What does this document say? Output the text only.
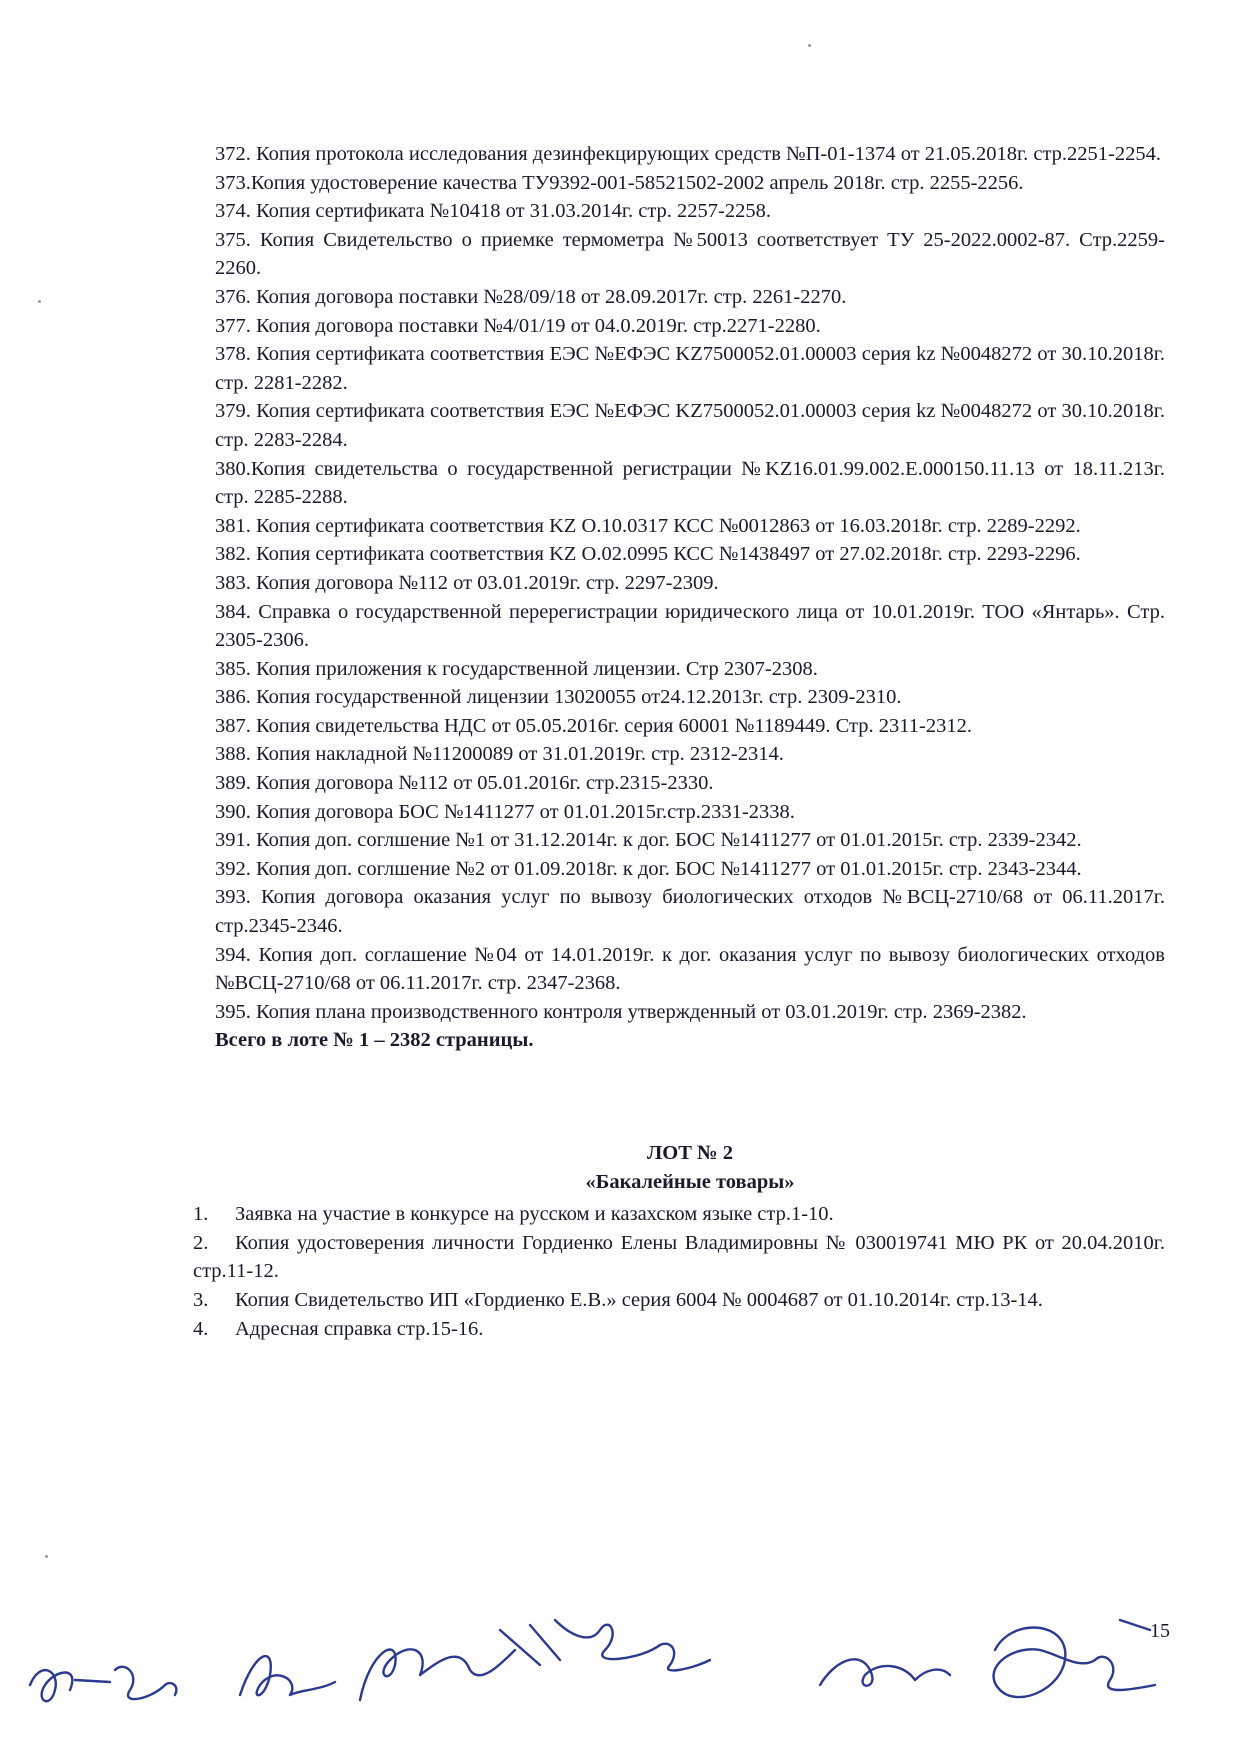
372. Копия протокола исследования дезинфекцирующих средств №П-01-1374 от 21.05.2018г. стр.2251-2254.

373.Копия удостоверение качества ТУ9392-001-58521502-2002 апрель 2018г. стр. 2255-2256.

374. Копия сертификата №10418 от 31.03.2014г. стр. 2257-2258.

375. Копия Свидетельство о приемке термометра №50013 соответствует ТУ 25-2022.0002-87. Стр.2259-2260.

376. Копия договора поставки №28/09/18 от 28.09.2017г. стр. 2261-2270.

377. Копия договора поставки №4/01/19 от 04.0.2019г. стр.2271-2280.

378. Копия сертификата соответствия ЕЭС №ЕФЭС KZ7500052.01.00003 серия kz №0048272 от 30.10.2018г. стр. 2281-2282.

379. Копия сертификата соответствия ЕЭС №ЕФЭС KZ7500052.01.00003 серия kz №0048272 от 30.10.2018г. стр. 2283-2284.

380.Копия свидетельства о государственной регистрации №KZ16.01.99.002.Е.000150.11.13 от 18.11.213г. стр. 2285-2288.

381. Копия сертификата соответствия KZ О.10.0317 КСС №0012863 от 16.03.2018г. стр. 2289-2292.

382. Копия сертификата соответствия KZ О.02.0995 КСС №1438497 от 27.02.2018г. стр. 2293-2296.

383. Копия договора №112 от 03.01.2019г. стр. 2297-2309.

384. Справка о государственной перерегистрации юридического лица от 10.01.2019г. ТОО «Янтарь». Стр. 2305-2306.

385. Копия приложения к государственной лицензии. Стр 2307-2308.

386. Копия государственной лицензии 13020055 от24.12.2013г. стр. 2309-2310.

387. Копия свидетельства НДС от 05.05.2016г. серия 60001 №1189449. Стр. 2311-2312.

388. Копия накладной №11200089 от 31.01.2019г. стр. 2312-2314.

389. Копия договора №112 от 05.01.2016г. стр.2315-2330.

390. Копия договора БОС №1411277 от 01.01.2015г.стр.2331-2338.

391. Копия доп. соглшение №1 от 31.12.2014г. к дог. БОС №1411277 от 01.01.2015г. стр. 2339-2342.

392. Копия доп. соглшение №2 от 01.09.2018г. к дог. БОС №1411277 от 01.01.2015г. стр. 2343-2344.

393. Копия договора оказания услуг по вывозу биологических отходов №ВСЦ-2710/68 от 06.11.2017г. стр.2345-2346.

394. Копия доп. соглашение №04 от 14.01.2019г. к дог. оказания услуг по вывозу биологических отходов №ВСЦ-2710/68 от 06.11.2017г. стр. 2347-2368.

395. Копия плана производственного контроля утвержденный от 03.01.2019г. стр. 2369-2382.

Всего в лоте № 1 – 2382 страницы.

ЛОТ № 2
«Бакалейные товары»
1. Заявка на участие в конкурсе на русском и казахском языке стр.1-10.
2. Копия удостоверения личности Гордиенко Елены Владимировны № 030019741 МЮ РК от 20.04.2010г. стр.11-12.
3. Копия Свидетельство ИП «Гордиенко Е.В.» серия 6004 № 0004687 от 01.10.2014г. стр.13-14.
4. Адресная справка стр.15-16.
15
